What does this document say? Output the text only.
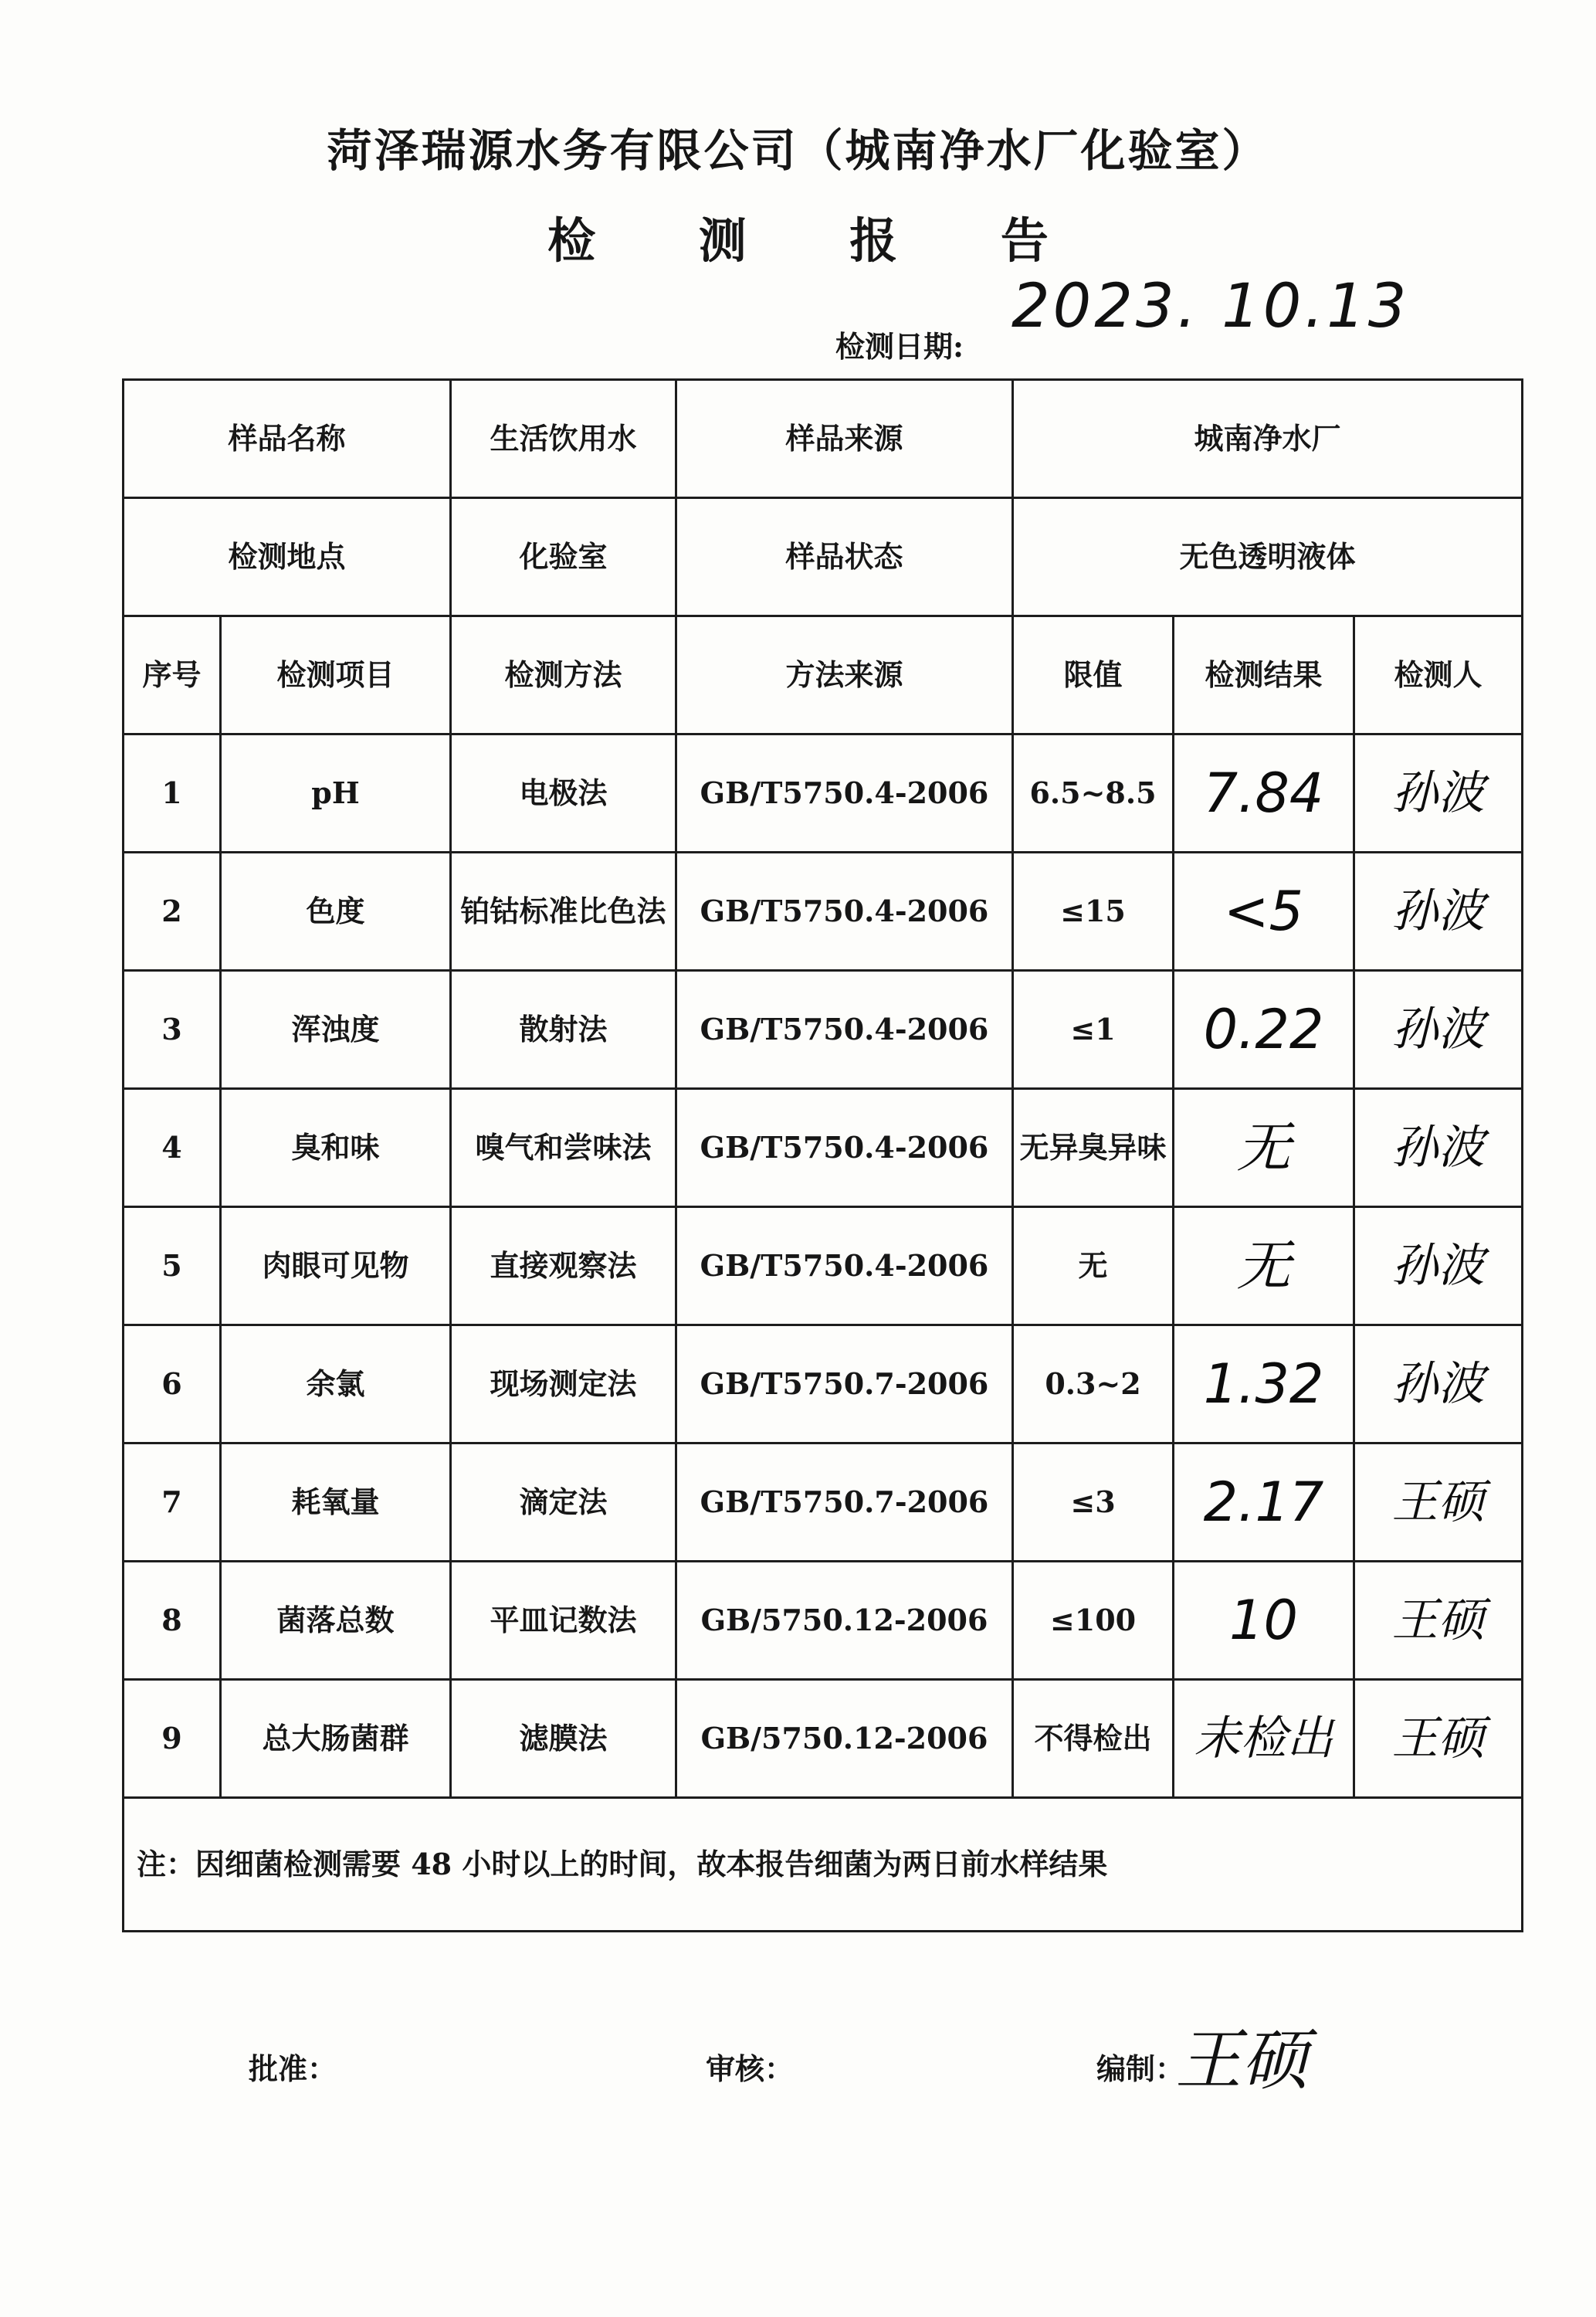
菏泽瑞源水务有限公司（城南净水厂化验室）
检 测 报 告
检测日期:
2023. 10.13
样品名称		生活饮用水	样品来源	城南净水厂		
检测地点		化验室	样品状态	无色透明液体		
序号	检测项目	检测方法	方法来源	限值	检测结果	检测人
1	pH	电极法	GB/T5750.4-2006	6.5~8.5	7.84	孙波
2	色度	铂钴标准比色法	GB/T5750.4-2006	≤15	<5	孙波
3	浑浊度	散射法	GB/T5750.4-2006	≤1	0.22	孙波
4	臭和味	嗅气和尝味法	GB/T5750.4-2006	无异臭异味	无	孙波
5	肉眼可见物	直接观察法	GB/T5750.4-2006	无	无	孙波
6	余氯	现场测定法	GB/T5750.7-2006	0.3~2	1.32	孙波
7	耗氧量	滴定法	GB/T5750.7-2006	≤3	2.17	王硕
8	菌落总数	平皿记数法	GB/5750.12-2006	≤100	10	王硕
9	总大肠菌群	滤膜法	GB/5750.12-2006	不得检出	未检出	王硕
注：因细菌检测需要 48 小时以上的时间，故本报告细菌为两日前水样结果						
批准：	审核：	编制：
王硕
